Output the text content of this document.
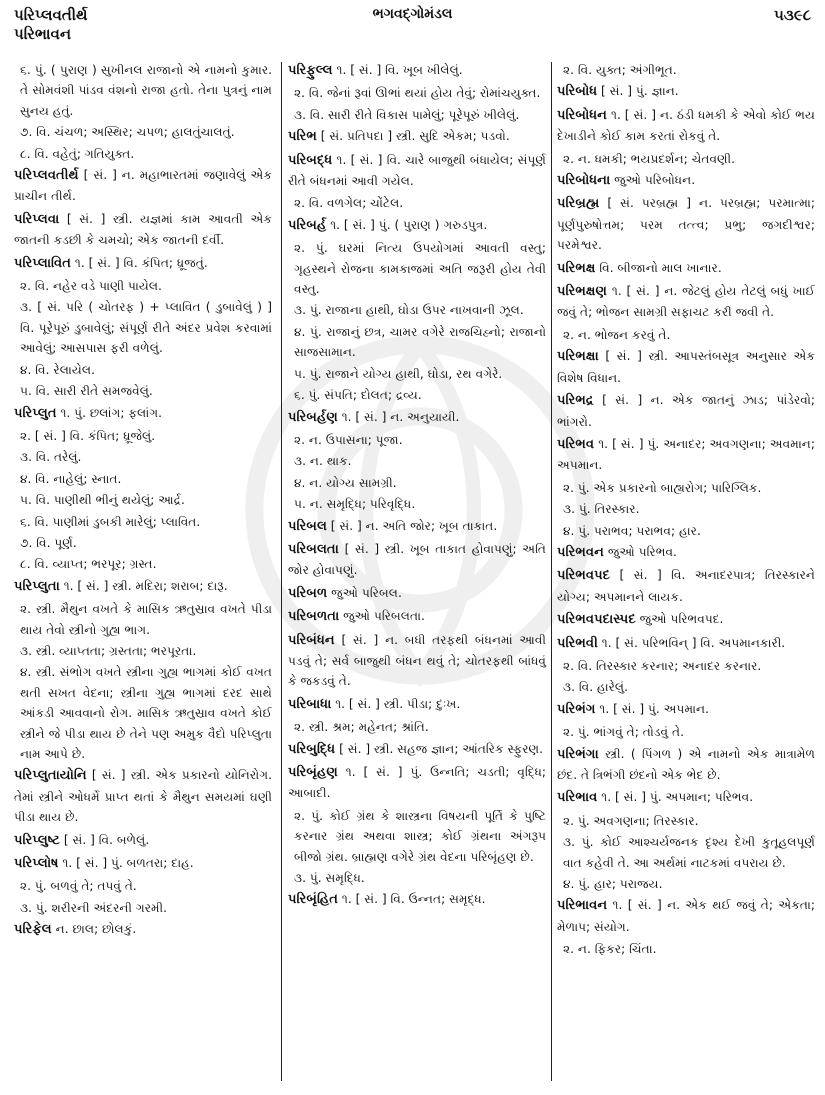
પરિપ્લવતીર્થ
પરિભાવન
ભગવદ્ગોમંડલ	૫૩૯૮
૬. પું. ( પુરાણ ) સુખીનલ રાજાનો એ નામનો કુમાર. તે સોમવંશી પાંડવ વંશનો રાજા હતો. તેના પુત્રનું નામ સુનય હતું.
૭. વિ. ચંચળ; અસ્થિર; ચપળ; હાલતુંચાલતું.
૮. વિ. વહેતું; ગતિયુક્ત.
પરિપ્લવતીર્થ [ સં. ] ન. મહાભારતમાં જણાવેલું એક પ્રાચીન તીર્થ.
પરિપ્લવા [ સં. ] સ્ત્રી. યજ્ઞમાં કામ આવતી એક જાતની કડછી કે ચમચો; એક જાતની દર્વી.
પરિપ્લાવિત ૧. [ સં. ] વિ. કંપિત; ધ્રૂજતું.
૨. વિ. નહેર વડે પાણી પાયેલ.
૩. [ સં. પરિ ( ચોતરફ ) + પ્લાવિત ( ડુબાવેલું ) ] વિ. પૂરેપૂરું ડુબાવેલું; સંપૂર્ણ રીતે અંદર પ્રવેશ કરવામાં આવેલું; આસપાસ ફરી વળેલું.
૪. વિ. રેલાયેલ.
૫. વિ. સારી રીતે સમજવેલું.
પરિપ્લુત ૧. પું. છલાંગ; ફલાંગ.
૨. [ સં. ] વિ. કંપિત; ધ્રૂજેલું.
૩. વિ. તરેલું.
૪. વિ. નાહેલું; સ્નાત.
૫. વિ. પાણીથી ભીનું થયેલું; આર્દ્ર.
૬. વિ. પાણીમાં ડુબકી મારેલું; પ્લાવિત.
૭. વિ. પૂર્ણ.
૮. વિ. વ્યાપ્ત; ભરપૂર; ગ્રસ્ત.
પરિપ્લુતા ૧. [ સં. ] સ્ત્રી. મદિરા; શરાબ; દારૂ.
૨. સ્ત્રી. મૈથુન વખતે કે માસિક ઋતુસ્રાવ વખતે પીડા થાય તેવો સ્ત્રીનો ગુહ્ય ભાગ.
૩. સ્ત્રી. વ્યાપ્તતા; ગ્રસ્તતા; ભરપૂરતા.
૪. સ્ત્રી. સંભોગ વખતે સ્ત્રીના ગુહ્ય ભાગમાં કોઈ વખત થતી સખત વેદના; સ્ત્રીના ગુહ્ય ભાગમાં દરદ સાથે આંકડી આવવાનો રોગ. માસિક ઋતુસ્રાવ વખતે કોઈ સ્ત્રીને જે પીડા થાય છે તેને પણ અમુક વૈદો પરિપ્લુતા નામ આપે છે.
પરિપ્લુતાયોનિ [ સં. ] સ્ત્રી. એક પ્રકારનો યોનિરોગ. તેમાં સ્ત્રીને ઓધર્મે પ્રાપ્ત થતાં કે મૈથુન સમયમાં ઘણી પીડા થાય છે.
પરિપ્લુષ્ટ [ સં. ] વિ. બળેલું.
પરિપ્લોષ ૧. [ સં. ] પું. બળતરા; દાહ.
૨. પું. બળવું તે; તપવું તે.
૩. પું. શરીરની અંદરની ગરમી.
પરિફેલ ન. છાલ; છોલકું.
પરિફુલ્લ ૧. [ સં. ] વિ. ખૂબ ખીલેલું.
૨. વિ. જેનાં રૂવાં ઊભાં થયાં હોય તેવું; રોમાંચયુક્ત.
૩. વિ. સારી રીતે વિકાસ પામેલું; પૂરેપૂરું ખીલેલું.
પરિભ [ સં. પ્રતિપદા ] સ્ત્રી. સુદિ એકમ; પડવો.
પરિબદ્ધ ૧. [ સં. ] વિ. ચારે બાજુથી બંધાયેલ; સંપૂર્ણ રીતે બંધનમાં આવી ગયેલ.
૨. વિ. વળગેલ; ચોંટેલ.
પરિબર્હ ૧. [ સં. ] પું. ( પુરાણ ) ગરુડપુત્ર.
૨. પું. ઘરમાં નિત્ય ઉપયોગમાં આવતી વસ્તુ; ગૃહસ્થને રોજના કામકાજમાં અતિ જરૂરી હોય તેવી વસ્તુ.
૩. પું. રાજાના હાથી, ઘોડા ઉપર નાખવાની ઝૂલ.
૪. પું. રાજાનું છત્ર, ચામર વગેરે રાજચિહ્નો; રાજાનો સાજસામાન.
૫. પું. રાજાને યોગ્ય હાથી, ઘોડા, રથ વગેરે.
૬. પું. સંપતિ; દોલત; દ્રવ્ય.
પરિબર્હણ ૧. [ સં. ] ન. અનુયાયી.
૨. ન. ઉપાસના; પૂજા.
૩. ન. થાક.
૪. ન. યોગ્ય સામગ્રી.
૫. ન. સમૃદ્ધિ; પરિવૃદ્ધિ.
પરિબલ [ સં. ] ન. અતિ જોર; ખૂબ તાકાત.
પરિબલતા [ સં. ] સ્ત્રી. ખૂબ તાકાત હોવાપણું; અતિ જોર હોવાપણું.
પરિબળ જુઓ પરિબલ.
પરિબળતા જુઓ પરિબલતા.
પરિબંધન [ સં. ] ન. બધી તરફથી બંધનમાં આવી પડવું તે; સર્વ બાજુથી બંધન થવું તે; ચોતરફથી બાંધવું કે જકડવું તે.
પરિબાધા ૧. [ સં. ] સ્ત્રી. પીડા; દુઃખ.
૨. સ્ત્રી. શ્રમ; મહેનત; શ્રાંતિ.
પરિબુદ્ધિ [ સં. ] સ્ત્રી. સહજ જ્ઞાન; આંતરિક સ્ફુરણ.
પરિબૃંહણ ૧. [ સં. ] પું. ઉન્નતિ; ચડતી; વૃદ્ધિ; આબાદી.
૨. પું. કોઈ ગ્રંથ કે શાસ્ત્રના વિષયની પૂર્તિ કે પુષ્ટિ કરનાર ગ્રંથ અથવા શાસ્ત્ર; કોઈ ગ્રંથના અંગરૂપ બીજો ગ્રંથ. બ્રાહ્મણ વગેરે ગ્રંથ વેદના પરિબૃંહણ છે.
૩. પું. સમૃદ્ધિ.
પરિબૃંહિત ૧. [ સં. ] વિ. ઉન્નત; સમૃદ્ધ.
૨. વિ. યુક્ત; અંગીભૂત.
પરિબોધ [ સં. ] પું. જ્ઞાન.
પરિબોધન ૧. [ સં. ] ન. ઠંડી ધમકી કે એવો કોઈ ભય દેખાડીને કોઈ કામ કરતાં રોકવું તે.
૨. ન. ધમકી; ભયપ્રદર્શન; ચેતવણી.
પરિબોધના જુઓ પરિબોધન.
પરિબ્રહ્મ [ સં. પરબ્રહ્મ ] ન. પરબ્રહ્મ; પરમાત્મા; પૂર્ણપુરુષોત્તમ; પરમ તત્ત્વ; પ્રભુ; જગદીશ્વર; પરમેશ્વર.
પરિભક્ષ વિ. બીજાનો માલ ખાનાર.
પરિભક્ષણ ૧. [ સં. ] ન. જેટલું હોય તેટલું બધું ખાઈ જવું તે; ભોજન સામગ્રી સફાચટ કરી જવી તે.
૨. ન. ભોજન કરવું તે.
પરિભક્ષા [ સં. ] સ્ત્રી. આપસ્તંબસૂત્ર અનુસાર એક વિશેષ વિધાન.
પરિભદ્ર [ સં. ] ન. એક જાતનું ઝાડ; પાંડેરવો; ભાંગરો.
પરિભવ ૧. [ સં. ] પું. અનાદર; અવગણના; અવમાન; અપમાન.
૨. પું. એક પ્રકારનો બાહ્યરોગ; પારિગ્લિક.
૩. પું. તિરસ્કાર.
૪. પું. પરાભવ; પરાભવ; હાર.
પરિભવન જુઓ પરિભવ.
પરિભવપદ [ સં. ] વિ. અનાદરપાત્ર; તિરસ્કારને યોગ્ય; અપમાનને લાયક.
પરિભવપદાસ્પદ જુઓ પરિભવપદ.
પરિભવી ૧. [ સં. પરિભવિન્ ] વિ. અપમાનકારી.
૨. વિ. તિરસ્કાર કરનાર; અનાદર કરનાર.
૩. વિ. હારેલું.
પરિભંગ ૧. [ સં. ] પું. અપમાન.
૨. પું. ભાંગવું તે; તોડવું તે.
પરિભંગા સ્ત્રી. ( પિંગળ ) એ નામનો એક માત્રામેળ છંદ. તે ત્રિભંગી છંદનો એક ભેદ છે.
પરિભાવ ૧. [ સં. ] પું. અપમાન; પરિભવ.
૨. પું. અવગણના; તિરસ્કાર.
૩. પું. કોઈ આશ્ચર્યજનક દૃશ્ય દેખી કુતૂહલપૂર્ણ વાત કહેવી તે. આ અર્થમાં નાટકમાં વપરાય છે.
૪. પું. હાર; પરાજય.
પરિભાવન ૧. [ સં. ] ન. એક થઈ જવું તે; એકતા; મેળાપ; સંયોગ.
૨. ન. ફિકર; ચિંતા.
